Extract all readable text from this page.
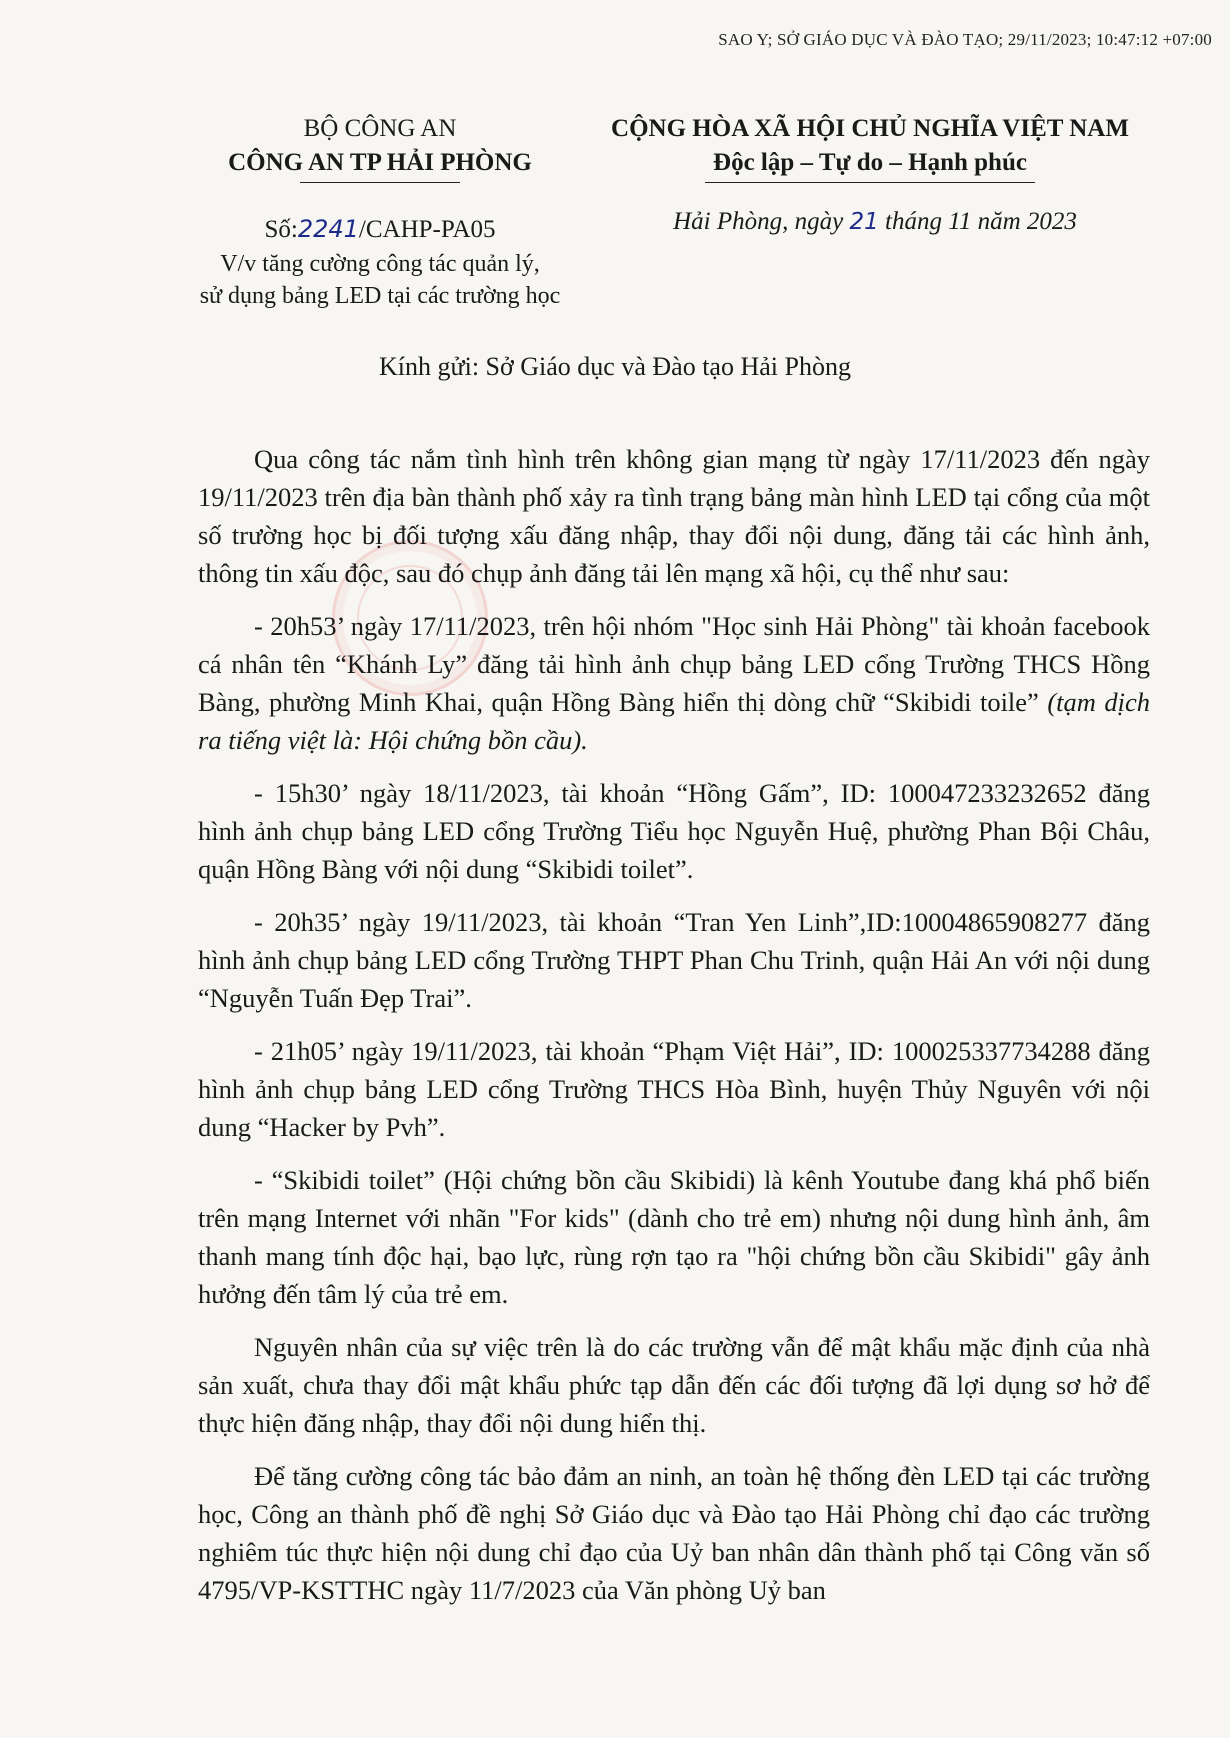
SAO Y; SỞ GIÁO DỤC VÀ ĐÀO TẠO; 29/11/2023; 10:47:12 +07:00
BỘ CÔNG AN
CÔNG AN TP HẢI PHÒNG
CỘNG HÒA XÃ HỘI CHỦ NGHĨA VIỆT NAM
Độc lập – Tự do – Hạnh phúc
Số:2241/CAHP-PA05
V/v tăng cường công tác quản lý,
sử dụng bảng LED tại các trường học
Hải Phòng, ngày 21 tháng 11 năm 2023
Kính gửi: Sở Giáo dục và Đào tạo Hải Phòng

Qua công tác nắm tình hình trên không gian mạng từ ngày 17/11/2023 đến ngày 19/11/2023 trên địa bàn thành phố xảy ra tình trạng bảng màn hình LED tại cổng của một số trường học bị đối tượng xấu đăng nhập, thay đổi nội dung, đăng tải các hình ảnh, thông tin xấu độc, sau đó chụp ảnh đăng tải lên mạng xã hội, cụ thể như sau:

- 20h53’ ngày 17/11/2023, trên hội nhóm "Học sinh Hải Phòng" tài khoản facebook cá nhân tên “Khánh Ly” đăng tải hình ảnh chụp bảng LED cổng Trường THCS Hồng Bàng, phường Minh Khai, quận Hồng Bàng hiển thị dòng chữ “Skibidi toile” (tạm dịch ra tiếng việt là: Hội chứng bồn cầu).

- 15h30’ ngày 18/11/2023, tài khoản “Hồng Gấm”, ID: 100047233232652 đăng hình ảnh chụp bảng LED cổng Trường Tiểu học Nguyễn Huệ, phường Phan Bội Châu, quận Hồng Bàng với nội dung “Skibidi toilet”.

- 20h35’ ngày 19/11/2023, tài khoản “Tran Yen Linh”,ID:10004865908277 đăng hình ảnh chụp bảng LED cổng Trường THPT Phan Chu Trinh, quận Hải An với nội dung “Nguyễn Tuấn Đẹp Trai”.

- 21h05’ ngày 19/11/2023, tài khoản “Phạm Việt Hải”, ID: 100025337734288 đăng hình ảnh chụp bảng LED cổng Trường THCS Hòa Bình, huyện Thủy Nguyên với nội dung “Hacker by Pvh”.

- “Skibidi toilet” (Hội chứng bồn cầu Skibidi) là kênh Youtube đang khá phổ biến trên mạng Internet với nhãn "For kids" (dành cho trẻ em) nhưng nội dung hình ảnh, âm thanh mang tính độc hại, bạo lực, rùng rợn tạo ra "hội chứng bồn cầu Skibidi" gây ảnh hưởng đến tâm lý của trẻ em.

Nguyên nhân của sự việc trên là do các trường vẫn để mật khẩu mặc định của nhà sản xuất, chưa thay đổi mật khẩu phức tạp dẫn đến các đối tượng đã lợi dụng sơ hở để thực hiện đăng nhập, thay đổi nội dung hiển thị.

Để tăng cường công tác bảo đảm an ninh, an toàn hệ thống đèn LED tại các trường học, Công an thành phố đề nghị Sở Giáo dục và Đào tạo Hải Phòng chỉ đạo các trường nghiêm túc thực hiện nội dung chỉ đạo của Uỷ ban nhân dân thành phố tại Công văn số 4795/VP-KSTTHC ngày 11/7/2023 của Văn phòng Uỷ ban
